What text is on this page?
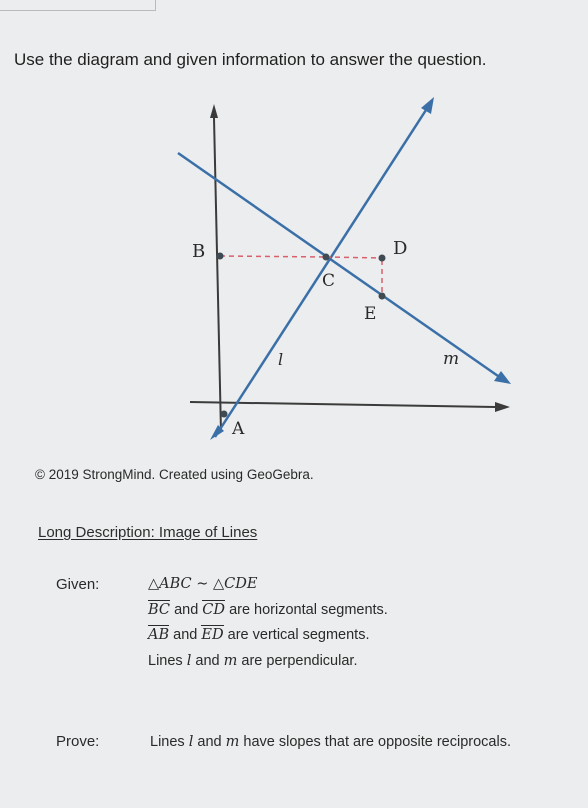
Use the diagram and given information to answer the question.
B
C
D
E
A
l	m
© 2019 StrongMind. Created using GeoGebra.
Long Description: Image of Lines
Given:	△ABC ∼ △CDE
BC and CD are horizontal segments.
AB and ED are vertical segments.
Lines l and m are perpendicular.
Prove:	Lines l and m have slopes that are opposite reciprocals.
